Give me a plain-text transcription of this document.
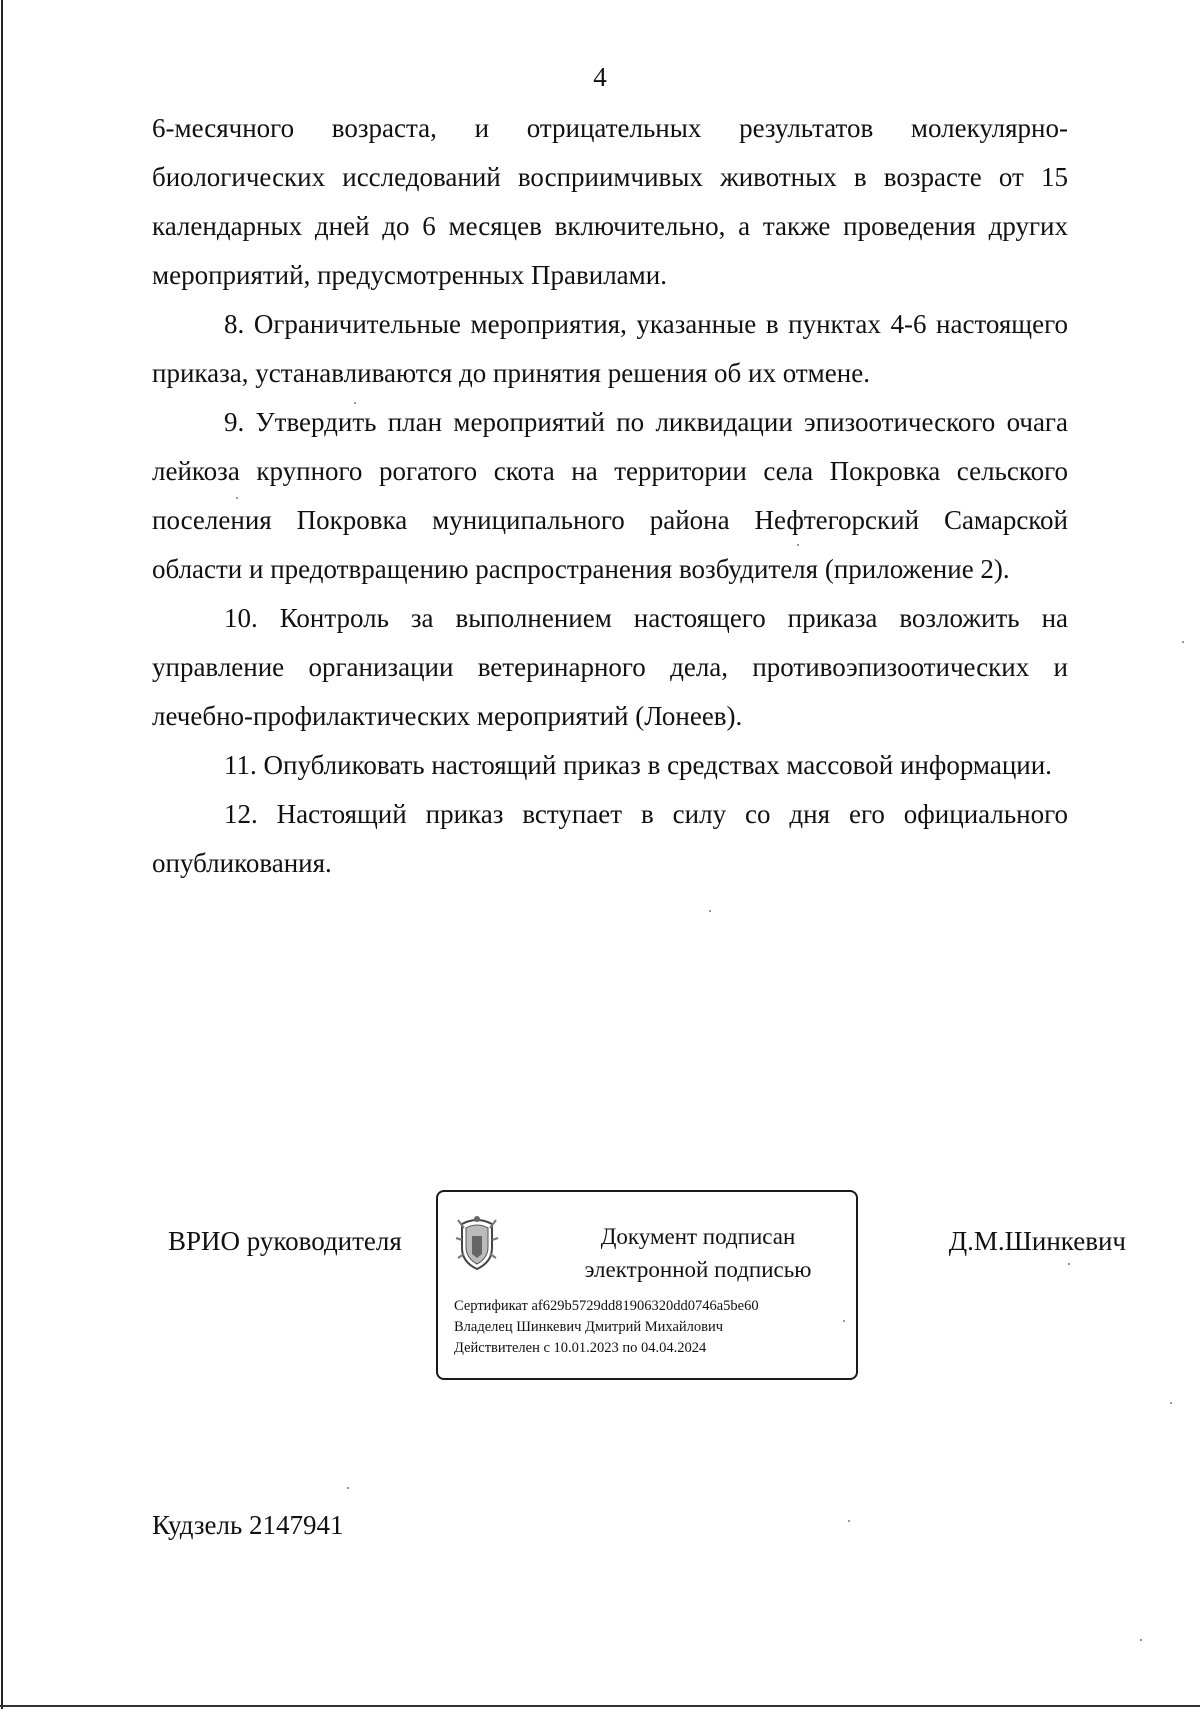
4

6-месячного возраста, и отрицательных результатов молекулярно-биологических исследований восприимчивых животных в возрасте от 15 календарных дней до 6 месяцев включительно, а также проведения других мероприятий, предусмотренных Правилами.

8. Ограничительные мероприятия, указанные в пунктах 4-6 настоящего приказа, устанавливаются до принятия решения об их отмене.

9. Утвердить план мероприятий по ликвидации эпизоотического очага лейкоза крупного рогатого скота на территории села Покровка сельского поселения Покровка муниципального района Нефтегорский Самарской области и предотвращению распространения возбудителя (приложение 2).

10. Контроль за выполнением настоящего приказа возложить на управление организации ветеринарного дела, противоэпизоотических и лечебно-профилактических мероприятий (Лонеев).

11. Опубликовать настоящий приказ в средствах массовой информации.

12. Настоящий приказ вступает в силу со дня его официального опубликования.

ВРИО руководителя	Документ подписан
электронной подписью
Сертификат af629b5729dd81906320dd0746a5be60
Владелец Шинкевич Дмитрий Михайлович
Действителен с 10.01.2023 по 04.04.2024
Д.М.Шинкевич
Кудзель 2147941
